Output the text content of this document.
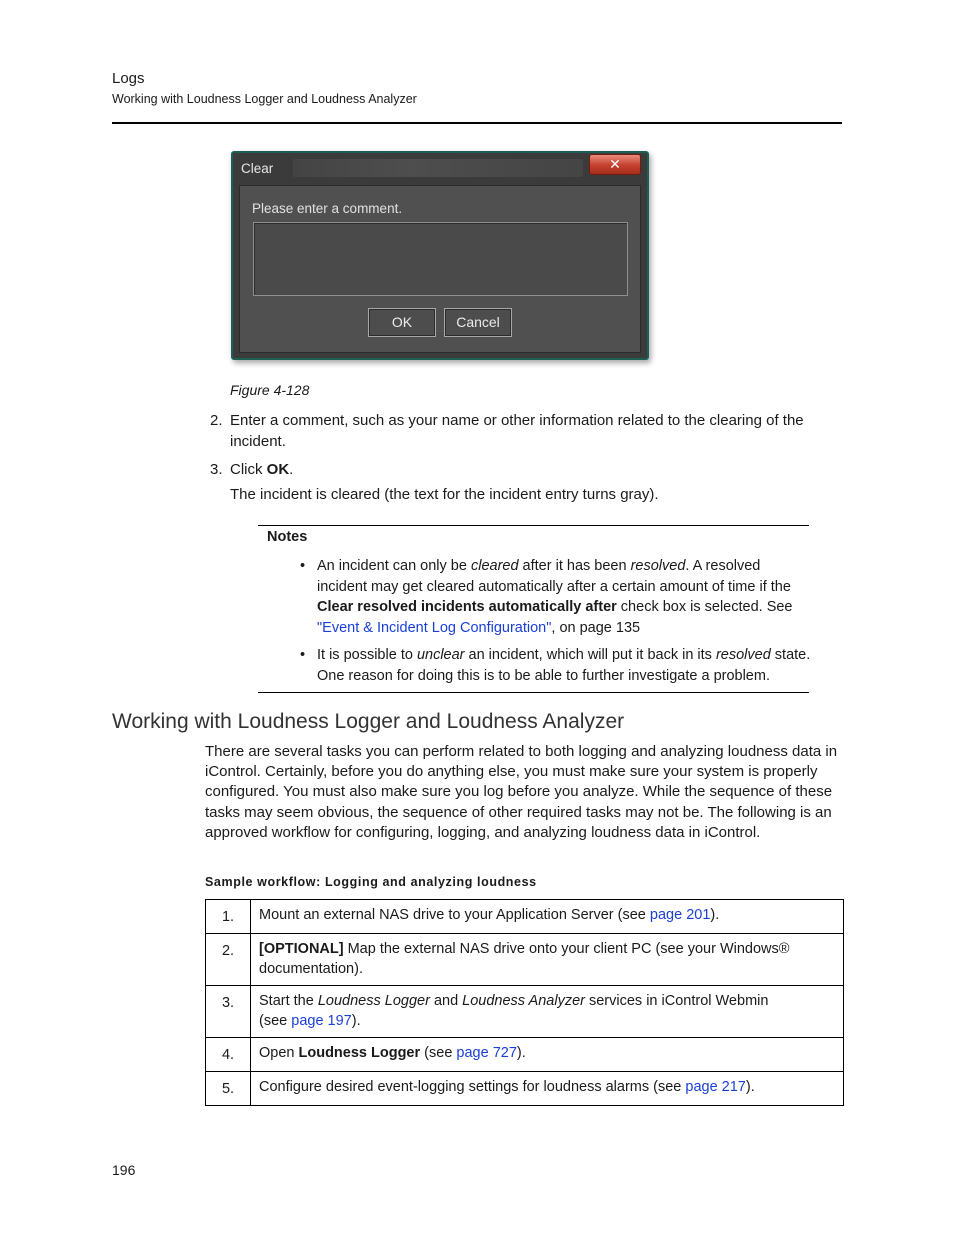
Logs
Working with Loudness Logger and Loudness Analyzer
Clear	✕
Please enter a comment.
OK	Cancel
Figure 4-128
2. Enter a comment, such as your name or other information related to the clearing of the
incident.
3. Click OK.
The incident is cleared (the text for the incident entry turns gray).
Notes
• An incident can only be cleared after it has been resolved. A resolved incident may get cleared automatically after a certain amount of time if the Clear resolved incidents automatically after check box is selected. See "Event & Incident Log Configuration", on page 135
• It is possible to unclear an incident, which will put it back in its resolved state. One reason for doing this is to be able to further investigate a problem.
Working with Loudness Logger and Loudness Analyzer
There are several tasks you can perform related to both logging and analyzing loudness data in iControl. Certainly, before you do anything else, you must make sure your system is properly configured. You must also make sure you log before you analyze. While the sequence of these tasks may seem obvious, the sequence of other required tasks may not be. The following is an approved workflow for configuring, logging, and analyzing loudness data in iControl.
Sample workflow: Logging and analyzing loudness
1.	Mount an external NAS drive to your Application Server (see page 201).
2.	[OPTIONAL] Map the external NAS drive onto your client PC (see your Windows® documentation).
3.	Start the Loudness Logger and Loudness Analyzer services in iControl Webmin
(see page 197).
4.	Open Loudness Logger (see page 727).
5.	Configure desired event-logging settings for loudness alarms (see page 217).
196
